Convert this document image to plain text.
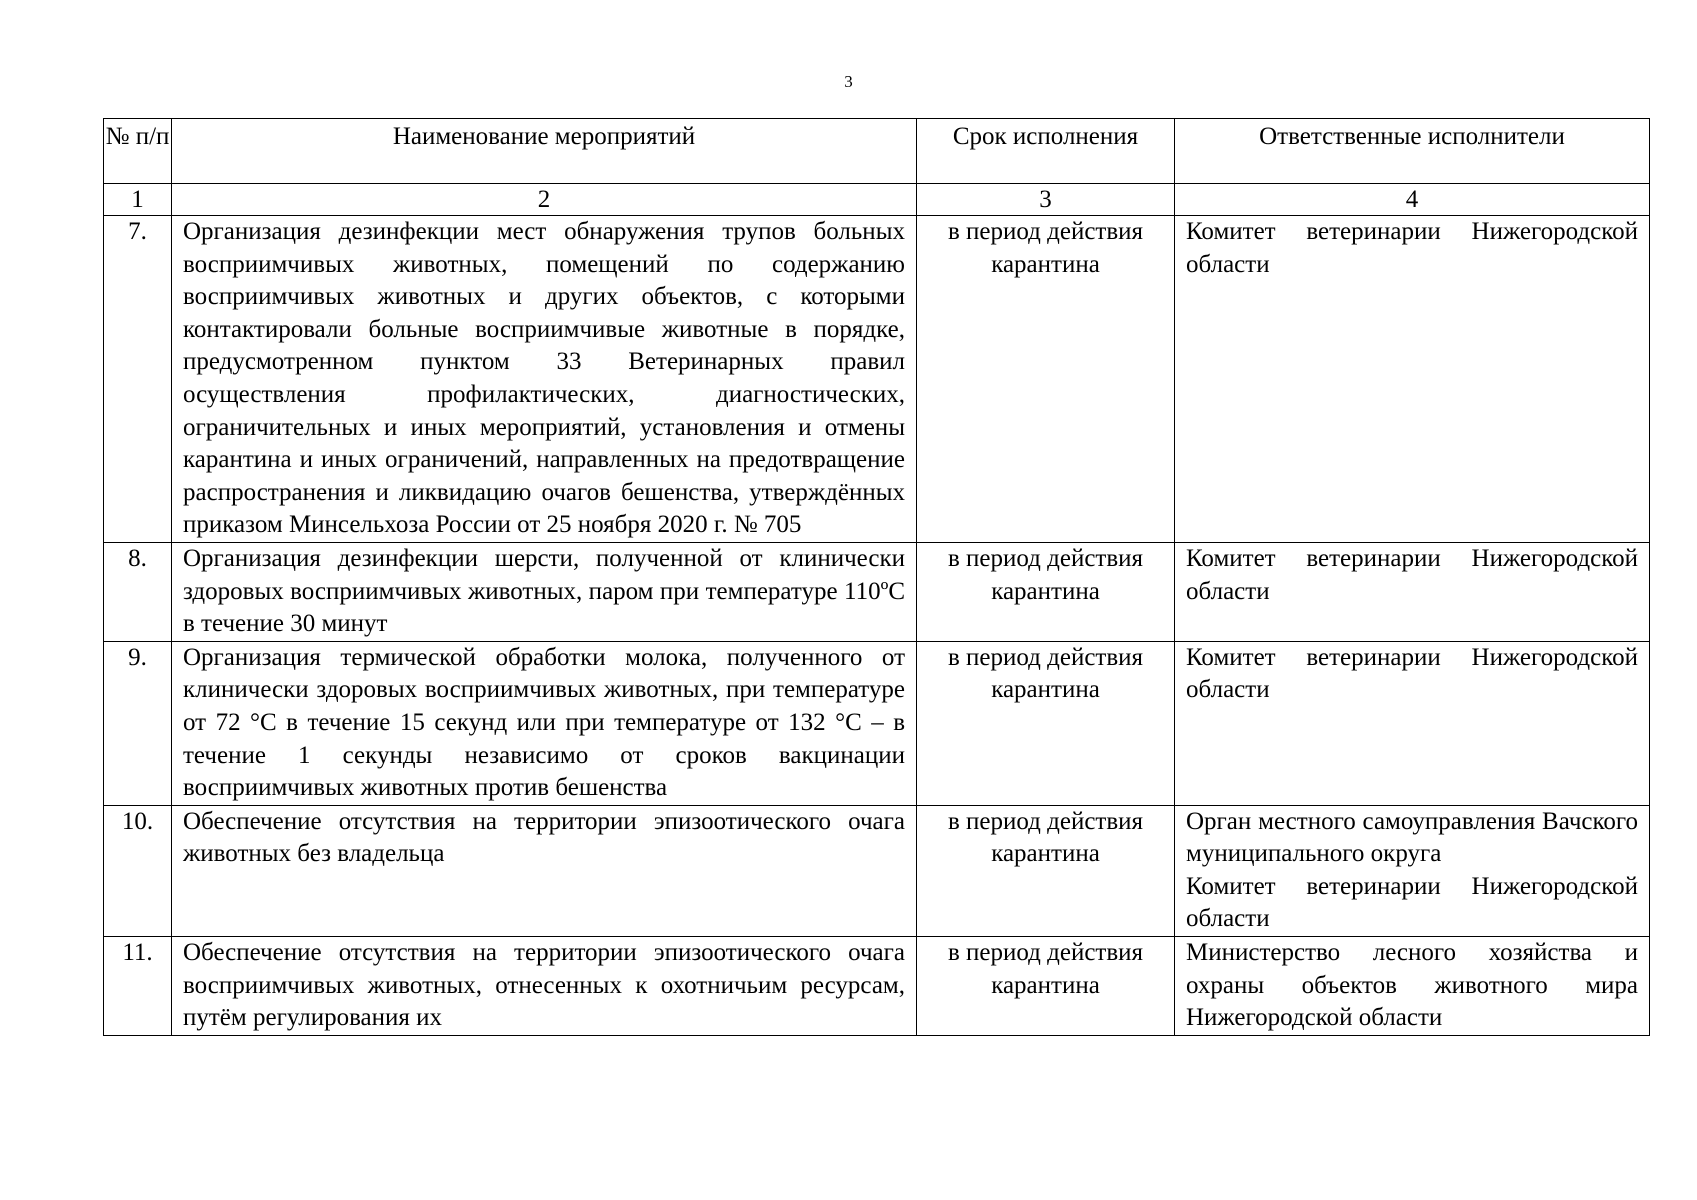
3
№ п/п	Наименование мероприятий	Срок исполнения	Ответственные исполнители
1	2	3	4
7.	Организация дезинфекции мест обнаружения трупов больных восприимчивых животных, помещений по содержанию восприимчивых животных и других объектов, с которыми контактировали больные восприимчивые животные в порядке, предусмотренном пунктом 33 Ветеринарных правил осуществления профилактических, диагностических, ограничительных и иных мероприятий, установления и отмены карантина и иных ограничений, направленных на предотвращение распространения и ликвидацию очагов бешенства, утверждённых приказом Минсельхоза России от 25 ноября 2020 г. № 705	в период действия карантина	Комитет ветеринарии Нижегородской области

8.	Организация дезинфекции шерсти, полученной от клинически здоровых восприимчивых животных, паром при температуре 110ºС в течение 30 минут	в период действия карантина	Комитет ветеринарии Нижегородской области

9.	Организация термической обработки молока, полученного от клинически здоровых восприимчивых животных, при температуре от 72 °С в течение 15 секунд или при температуре от 132 °С – в течение 1 секунды независимо от сроков вакцинации восприимчивых животных против бешенства	в период действия карантина	Комитет ветеринарии Нижегородской области

10.	Обеспечение отсутствия на территории эпизоотического очага животных без владельца	в период действия карантина	Орган местного самоуправления Вачского муниципального округа
Комитет ветеринарии Нижегородской области

11.	Обеспечение отсутствия на территории эпизоотического очага восприимчивых животных, отнесенных к охотничьим ресурсам, путём регулирования их	в период действия карантина	Министерство лесного хозяйства и охраны объектов животного мира Нижегородской области
